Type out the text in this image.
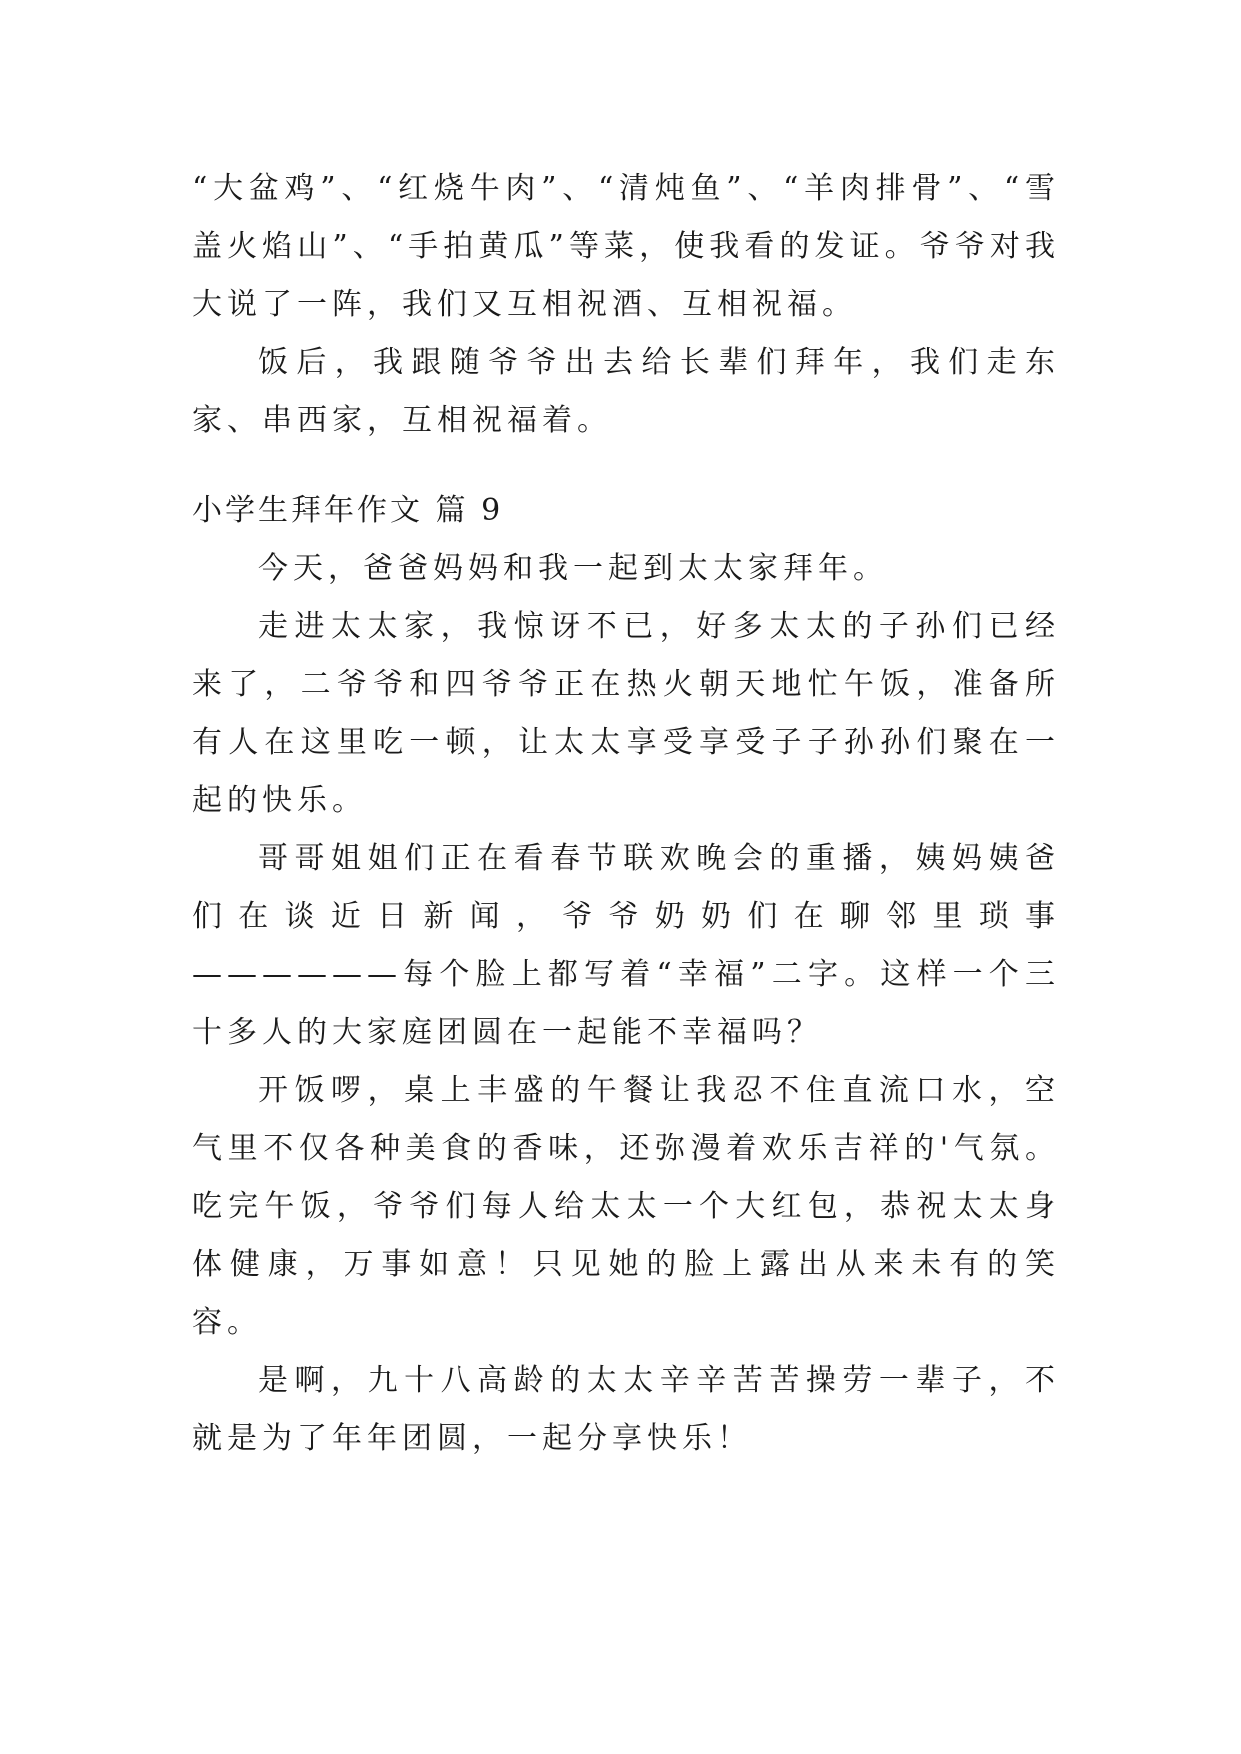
“大盆鸡”、“红烧牛肉”、“清炖鱼”、“羊肉排骨”、“雪盖火焰山”、“手拍黄瓜”等菜，使我看的发证。爷爷对我大说了一阵，我们又互相祝酒、互相祝福。

饭后，我跟随爷爷出去给长辈们拜年，我们走东家、串西家，互相祝福着。

小学生拜年作文 篇 9

今天，爸爸妈妈和我一起到太太家拜年。

走进太太家，我惊讶不已，好多太太的子孙们已经来了，二爷爷和四爷爷正在热火朝天地忙午饭，准备所有人在这里吃一顿，让太太享受享受子子孙孙们聚在一起的快乐。

哥哥姐姐们正在看春节联欢晚会的重播，姨妈姨爸们在谈近日新闻，爷爷奶奶们在聊邻里琐事——————每个脸上都写着“幸福”二字。这样一个三十多人的大家庭团圆在一起能不幸福吗？

开饭啰，桌上丰盛的午餐让我忍不住直流口水，空气里不仅各种美食的香味，还弥漫着欢乐吉祥的'气氛。吃完午饭，爷爷们每人给太太一个大红包，恭祝太太身体健康，万事如意！只见她的脸上露出从来未有的笑容。

是啊，九十八高龄的太太辛辛苦苦操劳一辈子，不就是为了年年团圆，一起分享快乐！
